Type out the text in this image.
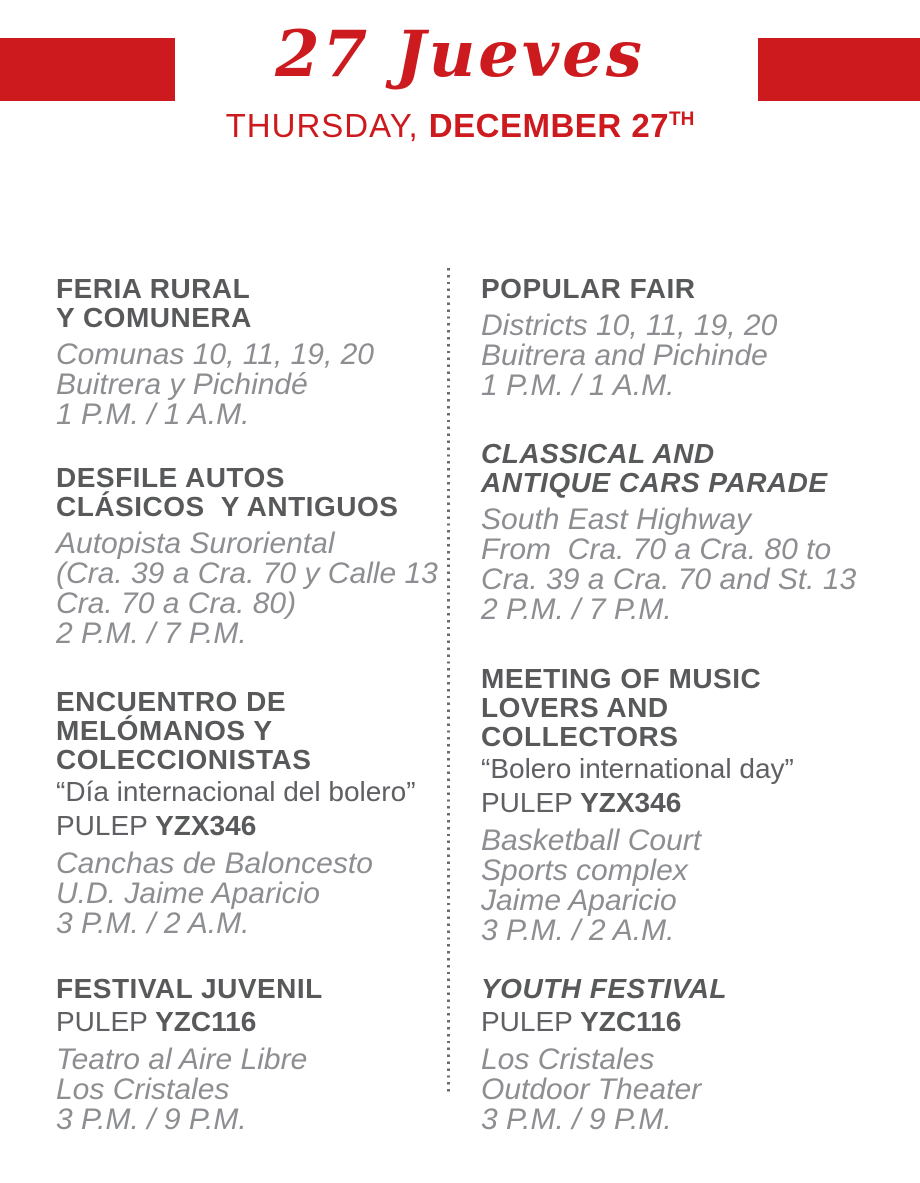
27 Jueves
THURSDAY, DECEMBER 27TH
FERIA RURAL
Y COMUNERA
Comunas 10, 11, 19, 20
Buitrera y Pichindé
1 P.M. / 1 A.M.
DESFILE AUTOS
CLÁSICOS  Y ANTIGUOS
Autopista Suroriental
(Cra. 39 a Cra. 70 y Calle 13
Cra. 70 a Cra. 80)
2 P.M. / 7 P.M.
ENCUENTRO DE
MELÓMANOS Y
COLECCIONISTAS
“Día internacional del bolero”
PULEP YZX346
Canchas de Baloncesto
U.D. Jaime Aparicio
3 P.M. / 2 A.M.
FESTIVAL JUVENIL
PULEP YZC116
Teatro al Aire Libre
Los Cristales
3 P.M. / 9 P.M.
POPULAR FAIR
Districts 10, 11, 19, 20
Buitrera and Pichinde
1 P.M. / 1 A.M.
CLASSICAL AND
ANTIQUE CARS PARADE
South East Highway
From  Cra. 70 a Cra. 80 to
Cra. 39 a Cra. 70 and St. 13
2 P.M. / 7 P.M.
MEETING OF MUSIC
LOVERS AND
COLLECTORS
“Bolero international day”
PULEP YZX346
Basketball Court
Sports complex
Jaime Aparicio
3 P.M. / 2 A.M.
YOUTH FESTIVAL
PULEP YZC116
Los Cristales
Outdoor Theater
3 P.M. / 9 P.M.
